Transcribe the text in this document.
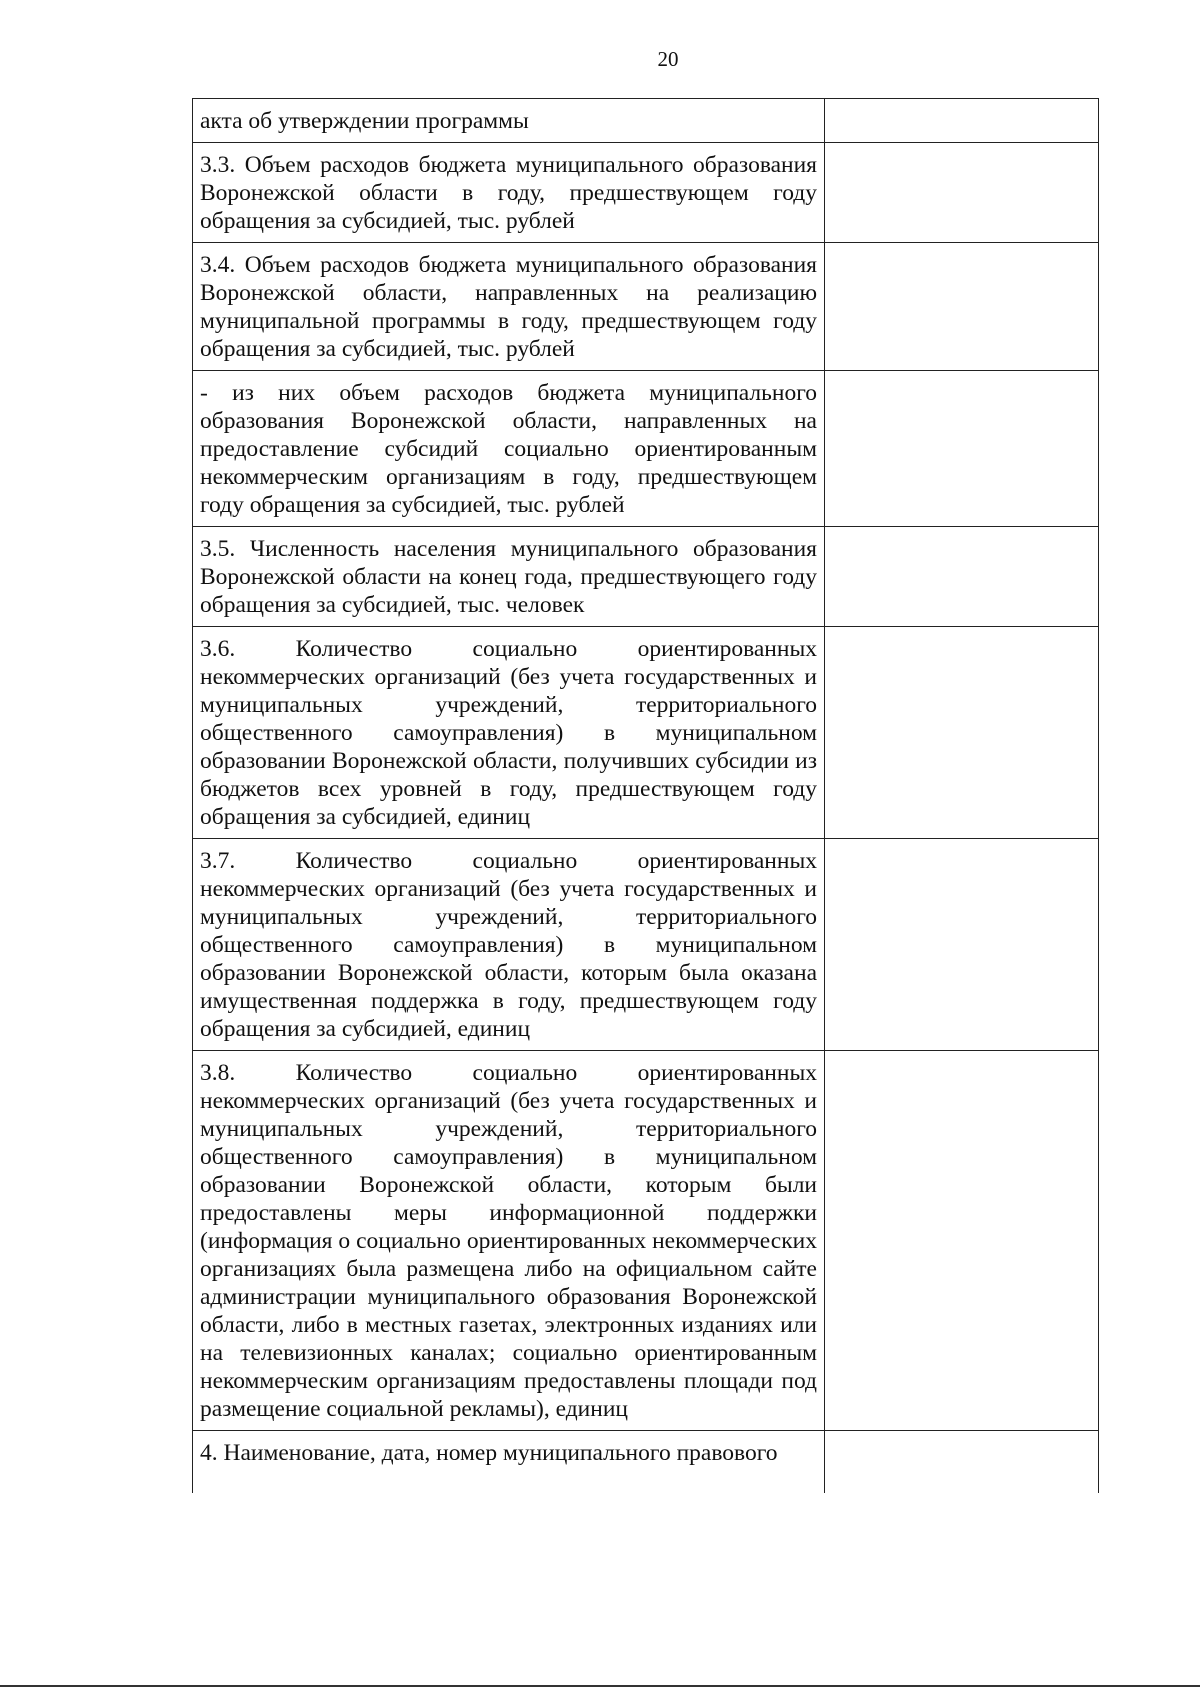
20
акта об утверждении программы
3.3. Объем расходов бюджета муниципального образования Воронежской области в году, предшествующем году обращения за субсидией, тыс. рублей
3.4. Объем расходов бюджета муниципального образования Воронежской области, направленных на реализацию муниципальной программы в году, предшествующем году обращения за субсидией, тыс. рублей
- из них объем расходов бюджета муниципального образования Воронежской области, направленных на предоставление субсидий социально ориентированным некоммерческим организациям в году, предшествующем году обращения за субсидией, тыс. рублей
3.5. Численность населения муниципального образования Воронежской области на конец года, предшествующего году обращения за субсидией, тыс. человек
3.6. Количество социально ориентированных некоммерческих организаций (без учета государственных и муниципальных учреждений, территориального общественного самоуправления) в муниципальном образовании Воронежской области, получивших субсидии из бюджетов всех уровней в году, предшествующем году обращения за субсидией, единиц
3.7. Количество социально ориентированных некоммерческих организаций (без учета государственных и муниципальных учреждений, территориального общественного самоуправления) в муниципальном образовании Воронежской области, которым была оказана имущественная поддержка в году, предшествующем году обращения за субсидией, единиц
3.8. Количество социально ориентированных некоммерческих организаций (без учета государственных и муниципальных учреждений, территориального общественного самоуправления) в муниципальном образовании Воронежской области, которым были предоставлены меры информационной поддержки (информация о социально ориентированных некоммерческих организациях была размещена либо на официальном сайте администрации муниципального образования Воронежской области, либо в местных газетах, электронных изданиях или на телевизионных каналах; социально ориентированным некоммерческим организациям предоставлены площади под размещение социальной рекламы), единиц
4. Наименование, дата, номер муниципального правового
